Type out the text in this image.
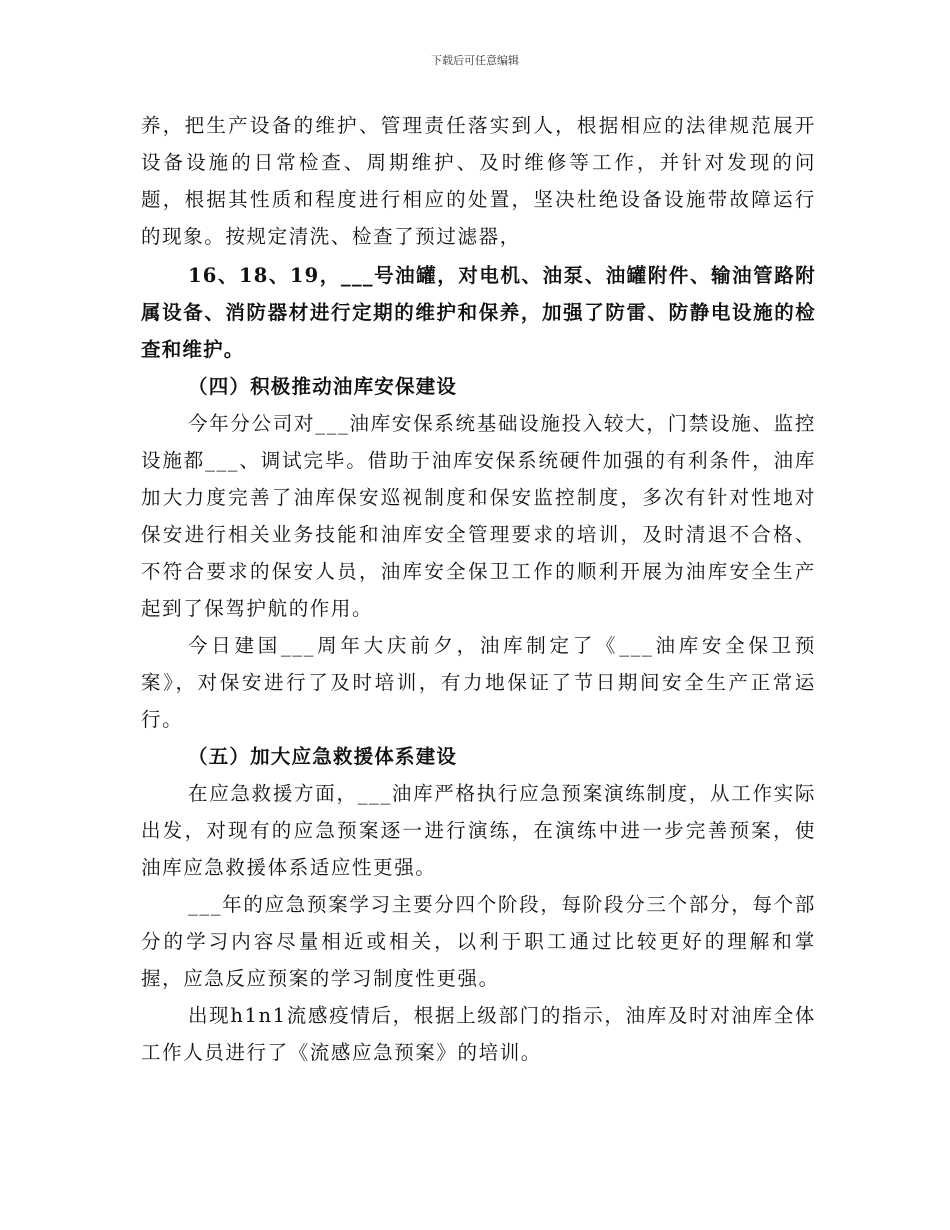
下载后可任意编辑

养，把生产设备的维护、管理责任落实到人，根据相应的法律规范展开设备设施的日常检查、周期维护、及时维修等工作，并针对发现的问题，根据其性质和程度进行相应的处置，坚决杜绝设备设施带故障运行的现象。按规定清洗、检查了预过滤器，

16、18、19，___号油罐，对电机、油泵、油罐附件、输油管路附属设备、消防器材进行定期的维护和保养，加强了防雷、防静电设施的检查和维护。

（四）积极推动油库安保建设

今年分公司对___油库安保系统基础设施投入较大，门禁设施、监控设施都___、调试完毕。借助于油库安保系统硬件加强的有利条件，油库加大力度完善了油库保安巡视制度和保安监控制度，多次有针对性地对保安进行相关业务技能和油库安全管理要求的培训，及时清退不合格、不符合要求的保安人员，油库安全保卫工作的顺利开展为油库安全生产起到了保驾护航的作用。

今日建国___周年大庆前夕，油库制定了《___油库安全保卫预案》，对保安进行了及时培训，有力地保证了节日期间安全生产正常运行。

（五）加大应急救援体系建设

在应急救援方面，___油库严格执行应急预案演练制度，从工作实际出发，对现有的应急预案逐一进行演练，在演练中进一步完善预案，使油库应急救援体系适应性更强。

___年的应急预案学习主要分四个阶段，每阶段分三个部分，每个部分的学习内容尽量相近或相关，以利于职工通过比较更好的理解和掌握，应急反应预案的学习制度性更强。

出现h1n1流感疫情后，根据上级部门的指示，油库及时对油库全体工作人员进行了《流感应急预案》的培训。
